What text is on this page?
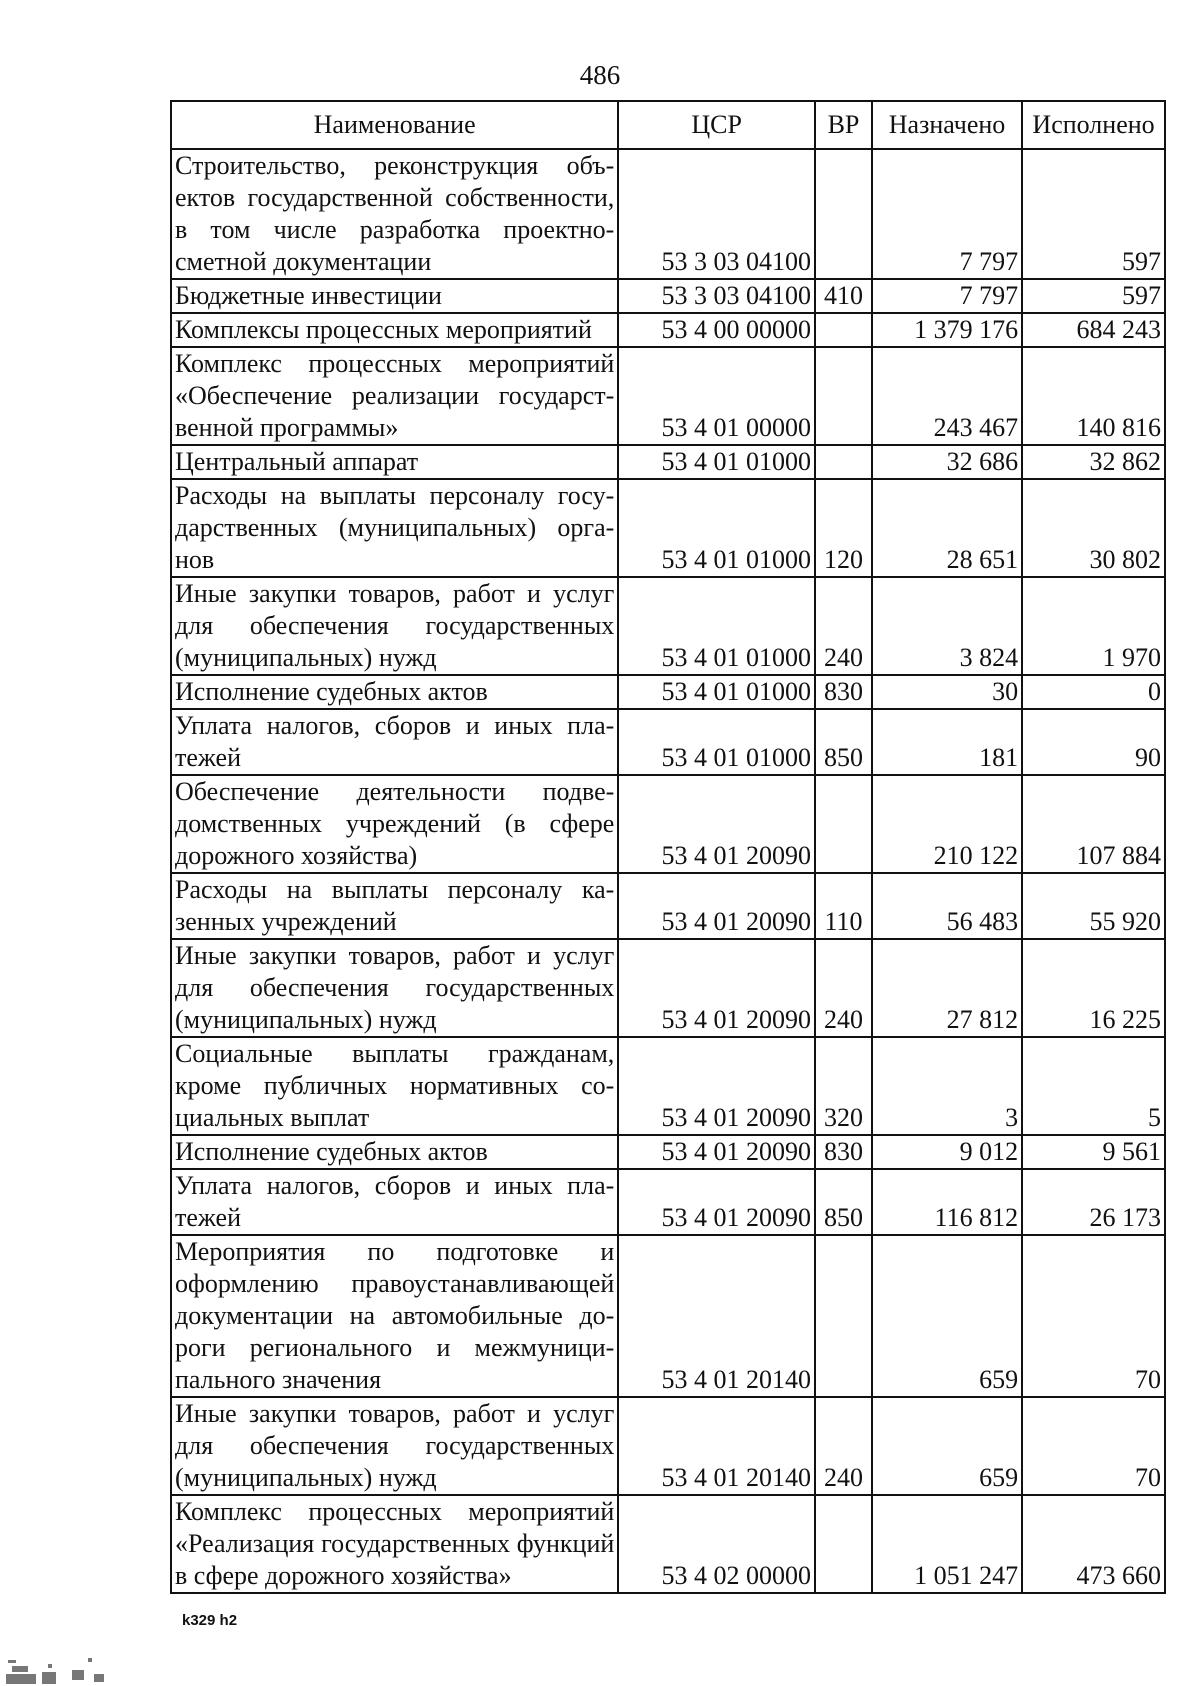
486
Наименование	ЦСР	ВР	Назначено	Исполнено
Строительство, реконструкция объектов государственной собственности, в том числе разработка проектно-сметной документации	53 3 03 04100		7 797	597
Бюджетные инвестиции	53 3 03 04100	410	7 797	597
Комплексы процессных мероприятий	53 4 00 00000		1 379 176	684 243
Комплекс процессных мероприятий «Обеспечение реализации государственной программы»	53 4 01 00000		243 467	140 816
Центральный аппарат	53 4 01 01000		32 686	32 862
Расходы на выплаты персоналу государственных (муниципальных) органов	53 4 01 01000	120	28 651	30 802
Иные закупки товаров, работ и услуг для обеспечения государственных (муниципальных) нужд	53 4 01 01000	240	3 824	1 970
Исполнение судебных актов	53 4 01 01000	830	30	0
Уплата налогов, сборов и иных платежей	53 4 01 01000	850	181	90
Обеспечение деятельности подведомственных учреждений (в сфере дорожного хозяйства)	53 4 01 20090		210 122	107 884
Расходы на выплаты персоналу казенных учреждений	53 4 01 20090	110	56 483	55 920
Иные закупки товаров, работ и услуг для обеспечения государственных (муниципальных) нужд	53 4 01 20090	240	27 812	16 225
Социальные выплаты гражданам, кроме публичных нормативных социальных выплат	53 4 01 20090	320	3	5
Исполнение судебных актов	53 4 01 20090	830	9 012	9 561
Уплата налогов, сборов и иных платежей	53 4 01 20090	850	116 812	26 173
Мероприятия по подготовке и оформлению правоустанавливающей документации на автомобильные дороги регионального и межмуниципального значения	53 4 01 20140		659	70
Иные закупки товаров, работ и услуг для обеспечения государственных (муниципальных) нужд	53 4 01 20140	240	659	70
Комплекс процессных мероприятий «Реализация государственных функций в сфере дорожного хозяйства»	53 4 02 00000		1 051 247	473 660
k329 h2
